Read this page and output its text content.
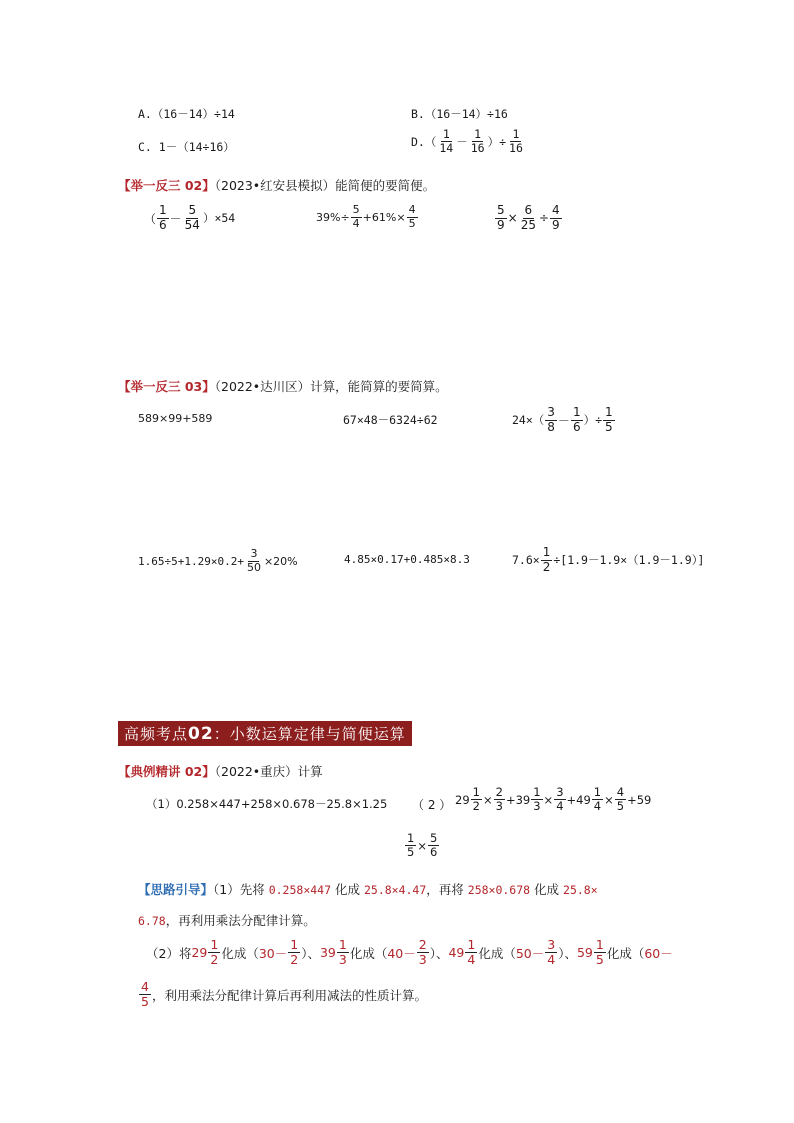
A.（16－14）÷14	B.（16－14）÷16
C. 1－（14÷16）	$D.( \frac{1}{14} - \frac{1}{16}$ ）÷ $\frac{1}{16}$
【举一反三 02】（2023•红安县模拟）能简便的要简便。
（ $\frac{1}{6} - \frac{5}{54} )\times 54$	$39\%\div \frac{5}{4} +61\%\times \frac{4}{5}$	$\frac{5}{9} \times \frac{6}{25} \div \frac{4}{9}$
【举一反三 03】（2022•达川区）计算，能简算的要简算。
589×99+589	67×48－6324÷62	$24\times( \frac{3}{8} - \frac{1}{6}$ ）÷ $\frac{1}{5}$
$1.65\div 5+1.29\times 0.2+ \frac{3}{50} \times 20\%$	4.85×0.17+0.485×8.3	$7.6\times \frac{1}{2} \div[1.9-1.9\times(1.9-1.9)]$
高频考点02：小数运算定律与简便运算
【典例精讲 02】（2022•重庆）计算
（1）0.258×447+258×0.678－25.8×1.25 （ 2 ） $29 \frac{1}{2} \times \frac{2}{3} +39 \frac{1}{3} \times \frac{3}{4} +49 \frac{1}{4} \times \frac{4}{5} +59$
$\frac{1}{5} \times \frac{5}{6}$
【思路引导】（1）先将 0.258×447 化成 25.8×4.47，再将 258×0.678 化成 25.8×
6.78，再利用乘法分配律计算。
（2）将 $29 \frac{1}{2}$ 化成（ $30- \frac{1}{2}$ ）、 $39 \frac{1}{3}$ 化成（ $40- \frac{2}{3}$ ）、 $49 \frac{1}{4}$ 化成（ $50- \frac{3}{4}$ ）、 $59 \frac{1}{5}$ 化成（ 60－
$\frac{4}{5}$ ，利用乘法分配律计算后再利用减法的性质计算。
